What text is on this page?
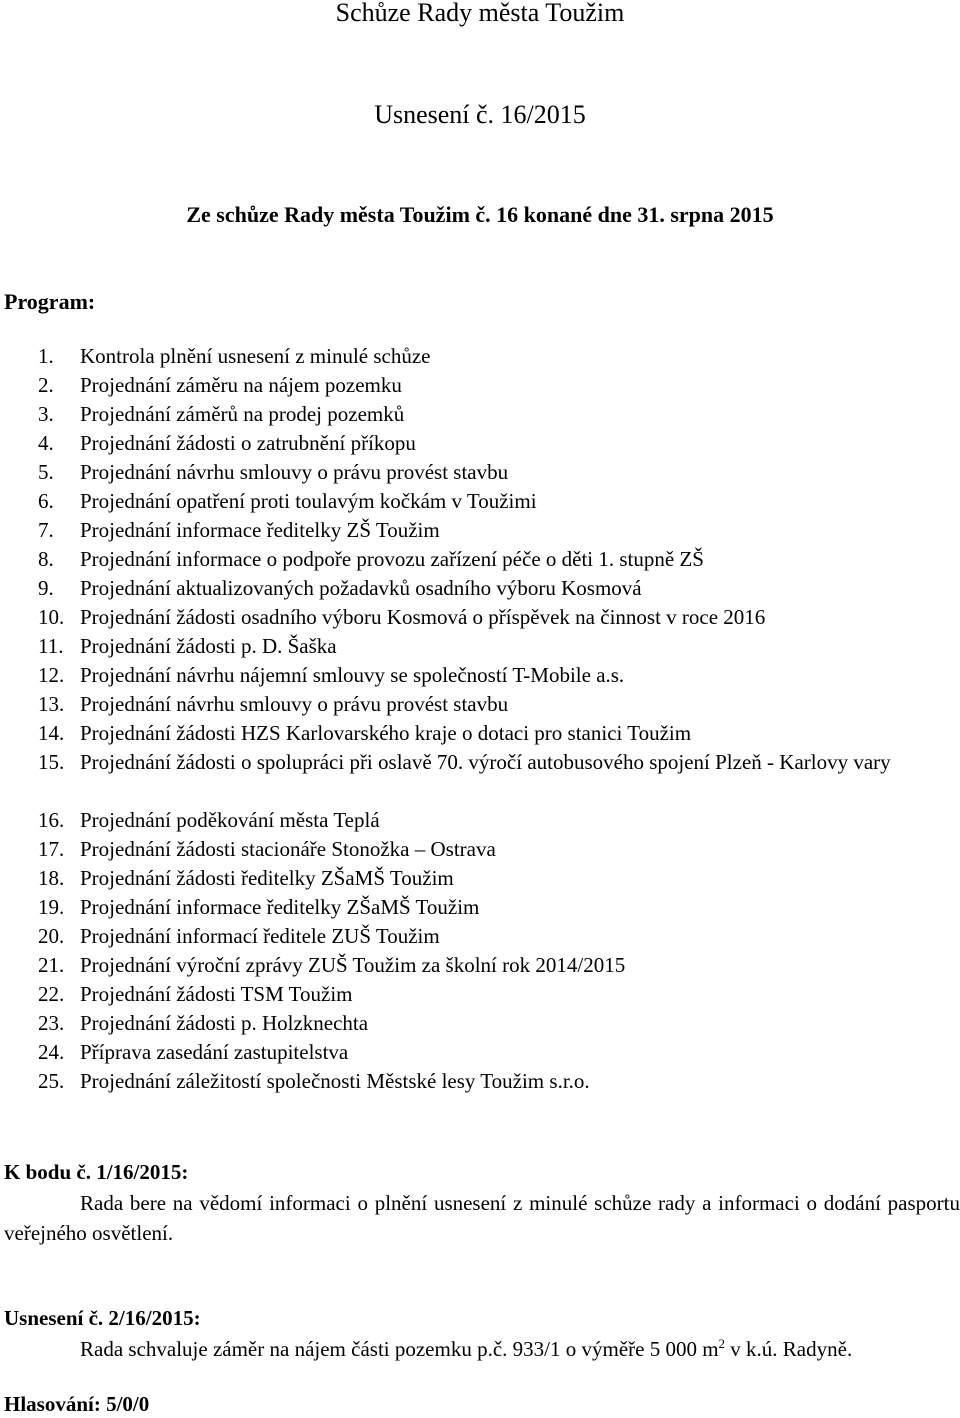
Schůze Rady města Toužim
Usnesení č. 16/2015
Ze schůze Rady města Toužim č. 16 konané dne 31. srpna 2015
Program:
1. Kontrola plnění usnesení z minulé schůze
2. Projednání záměru na nájem pozemku
3. Projednání záměrů na prodej pozemků
4. Projednání žádosti o zatrubnění příkopu
5. Projednání návrhu smlouvy o právu provést stavbu
6. Projednání opatření proti toulavým kočkám v Toužimi
7. Projednání informace ředitelky ZŠ Toužim
8. Projednání informace o podpoře provozu zařízení péče o děti 1. stupně ZŠ
9. Projednání aktualizovaných požadavků osadního výboru Kosmová
10. Projednání žádosti osadního výboru Kosmová o příspěvek na činnost v roce 2016
11. Projednání žádosti p. D. Šaška
12. Projednání návrhu nájemní smlouvy se společností T-Mobile a.s.
13. Projednání návrhu smlouvy o právu provést stavbu
14. Projednání žádosti HZS Karlovarského kraje o dotaci pro stanici Toužim
15. Projednání žádosti o spolupráci při oslavě 70. výročí autobusového spojení Plzeň - Karlovy vary
16. Projednání poděkování města Teplá
17. Projednání žádosti stacionáře Stonožka – Ostrava
18. Projednání žádosti ředitelky ZŠaMŠ Toužim
19. Projednání informace ředitelky ZŠaMŠ Toužim
20. Projednání informací ředitele ZUŠ Toužim
21. Projednání výroční zprávy ZUŠ Toužim za školní rok 2014/2015
22. Projednání žádosti TSM Toužim
23. Projednání žádosti p. Holzknechta
24. Příprava zasedání zastupitelstva
25. Projednání záležitostí společnosti Městské lesy Toužim s.r.o.
K bodu č. 1/16/2015:
Rada bere na vědomí informaci o plnění usnesení z minulé schůze rady a informaci o dodání pasportu veřejného osvětlení.
Usnesení č. 2/16/2015:
Rada schvaluje záměr na nájem části pozemku p.č. 933/1 o výměře 5 000 $m^2$ v k.ú. Radyně.
Hlasování: 5/0/0
